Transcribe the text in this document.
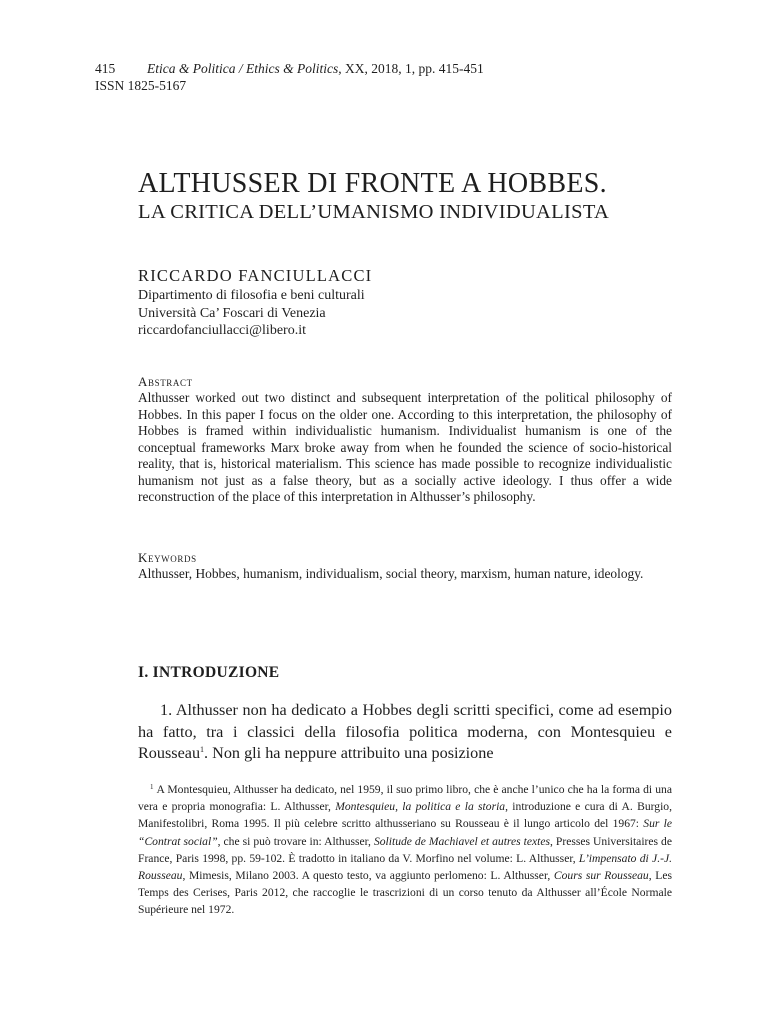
415 Etica & Politica / Ethics & Politics, XX, 2018, 1, pp. 415-451
ISSN 1825-5167
ALTHUSSER DI FRONTE A HOBBES.
LA CRITICA DELL’UMANISMO INDIVIDUALISTA
RICCARDO FANCIULLACCI
Dipartimento di filosofia e beni culturali
Università Ca’ Foscari di Venezia
riccardofanciullacci@libero.it
Abstract
Althusser worked out two distinct and subsequent interpretation of the political philosophy of Hobbes. In this paper I focus on the older one. According to this interpretation, the philosophy of Hobbes is framed within individualistic humanism. Individualist humanism is one of the conceptual frameworks Marx broke away from when he founded the science of socio-historical reality, that is, historical materialism. This science has made possible to recognize individualistic humanism not just as a false theory, but as a socially active ideology. I thus offer a wide reconstruction of the place of this interpretation in Althusser’s philosophy.
Keywords
Althusser, Hobbes, humanism, individualism, social theory, marxism, human nature, ideology.
I. INTRODUZIONE
1. Althusser non ha dedicato a Hobbes degli scritti specifici, come ad esempio ha fatto, tra i classici della filosofia politica moderna, con Montesquieu e Rousseau$^1$. Non gli ha neppure attribuito una posizione
$^1$ A Montesquieu, Althusser ha dedicato, nel 1959, il suo primo libro, che è anche l’unico che ha la forma di una vera e propria monografia: L. Althusser, Montesquieu, la politica e la storia, introduzione e cura di A. Burgio, Manifestolibri, Roma 1995. Il più celebre scritto althusseriano su Rousseau è il lungo articolo del 1967: Sur le “Contrat social”, che si può trovare in: Althusser, Solitude de Machiavel et autres textes, Presses Universitaires de France, Paris 1998, pp. 59-102. È tradotto in italiano da V. Morfino nel volume: L. Althusser, L’impensato di J.-J. Rousseau, Mimesis, Milano 2003. A questo testo, va aggiunto perlomeno: L. Althusser, Cours sur Rousseau, Les Temps des Cerises, Paris 2012, che raccoglie le trascrizioni di un corso tenuto da Althusser all’École Normale Supérieure nel 1972.
